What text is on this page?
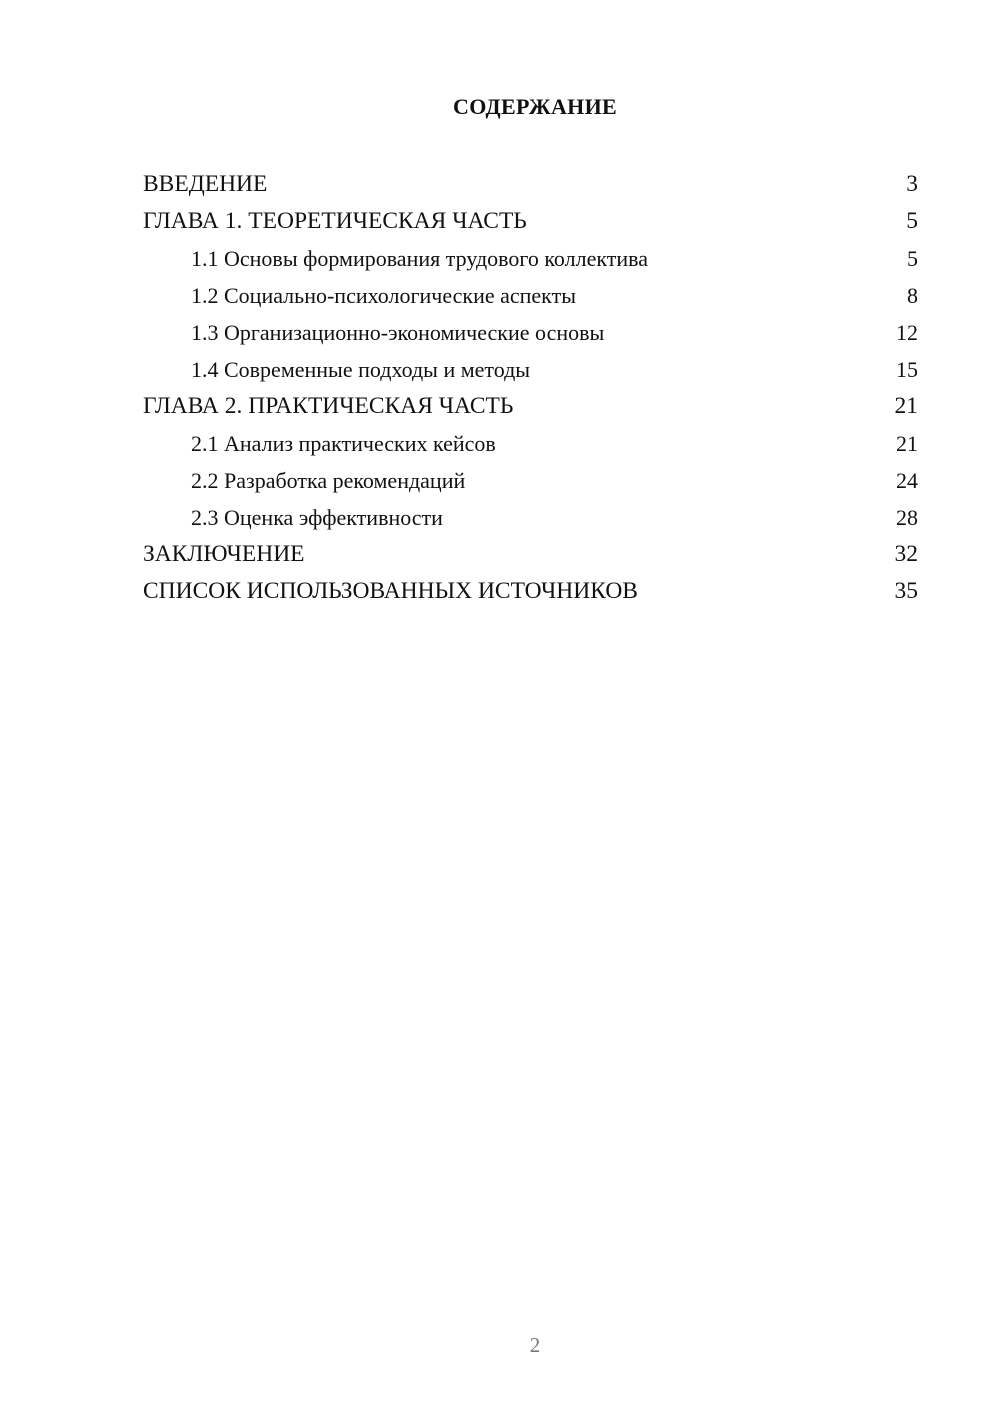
СОДЕРЖАНИЕ
ВВЕДЕНИЕ	3
ГЛАВА 1. ТЕОРЕТИЧЕСКАЯ ЧАСТЬ	5
1.1 Основы формирования трудового коллектива	5
1.2 Социально-психологические аспекты	8
1.3 Организационно-экономические основы	12
1.4 Современные подходы и методы	15
ГЛАВА 2. ПРАКТИЧЕСКАЯ ЧАСТЬ	21
2.1 Анализ практических кейсов	21
2.2 Разработка рекомендаций	24
2.3 Оценка эффективности	28
ЗАКЛЮЧЕНИЕ	32
СПИСОК ИСПОЛЬЗОВАННЫХ ИСТОЧНИКОВ	35
2
